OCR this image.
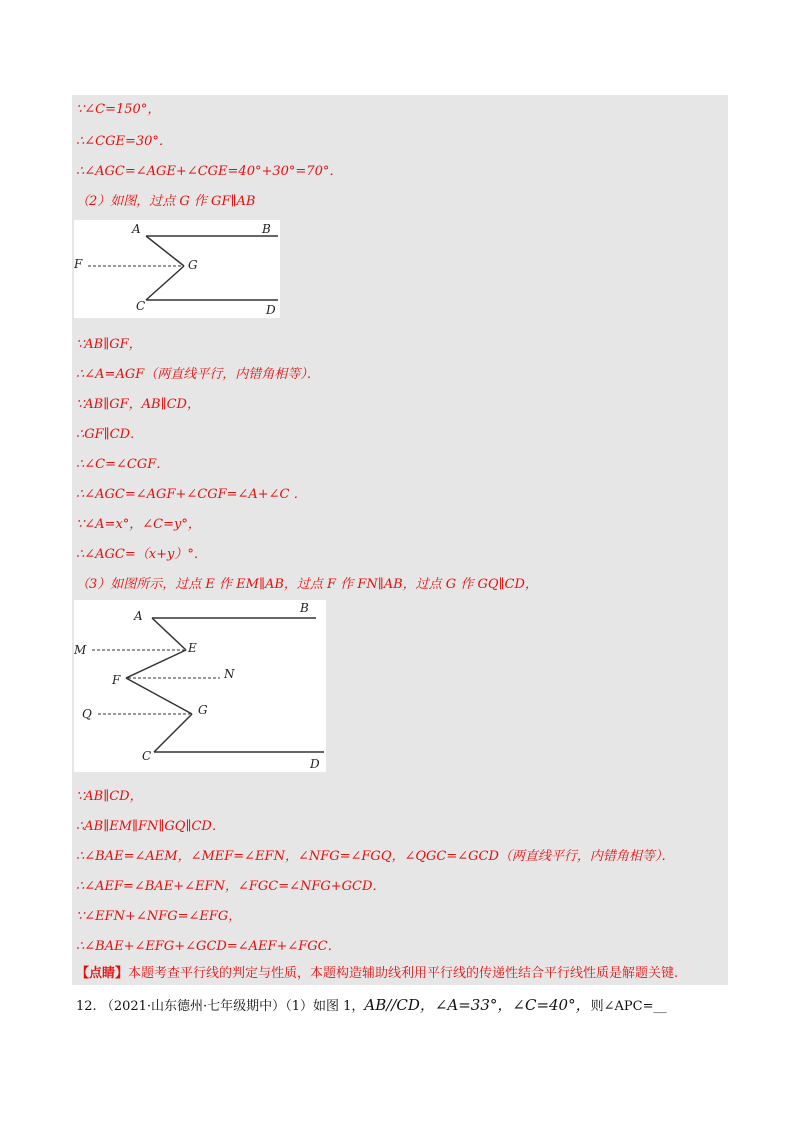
∵∠C=150°，
∴∠CGE=30°．
∴∠AGC=∠AGE+∠CGE=40°+30°=70°．
（2）如图，过点 G 作 GF∥AB
A	B
F	G
C	D
∵AB∥GF，
∴∠A=AGF（两直线平行，内错角相等）．
∵AB∥GF，AB∥CD，
∴GF∥CD．
∴∠C=∠CGF．
∴∠AGC=∠AGF+∠CGF=∠A+∠C ．
∵∠A=x°，∠C=y°，
∴∠AGC=（x+y）°．
（3）如图所示，过点 E 作 EM∥AB，过点 F 作 FN∥AB，过点 G 作 GQ∥CD，
A
B
M	E
F	N
Q	G
C
D
∵AB∥CD，
∴AB∥EM∥FN∥GQ∥CD．
∴∠BAE=∠AEM，∠MEF=∠EFN，∠NFG=∠FGQ，∠QGC=∠GCD（两直线平行，内错角相等）．
∴∠AEF=∠BAE+∠EFN，∠FGC=∠NFG+GCD．
∵∠EFN+∠NFG=∠EFG，
∴∠BAE+∠EFG+∠GCD=∠AEF+∠FGC．
【点睛】本题考查平行线的判定与性质，本题构造辅助线利用平行线的传递性结合平行线性质是解题关键.
12. （2021·山东德州·七年级期中）（1）如图 1，AB//CD，∠A=33°，∠C=40°，则∠APC=__
